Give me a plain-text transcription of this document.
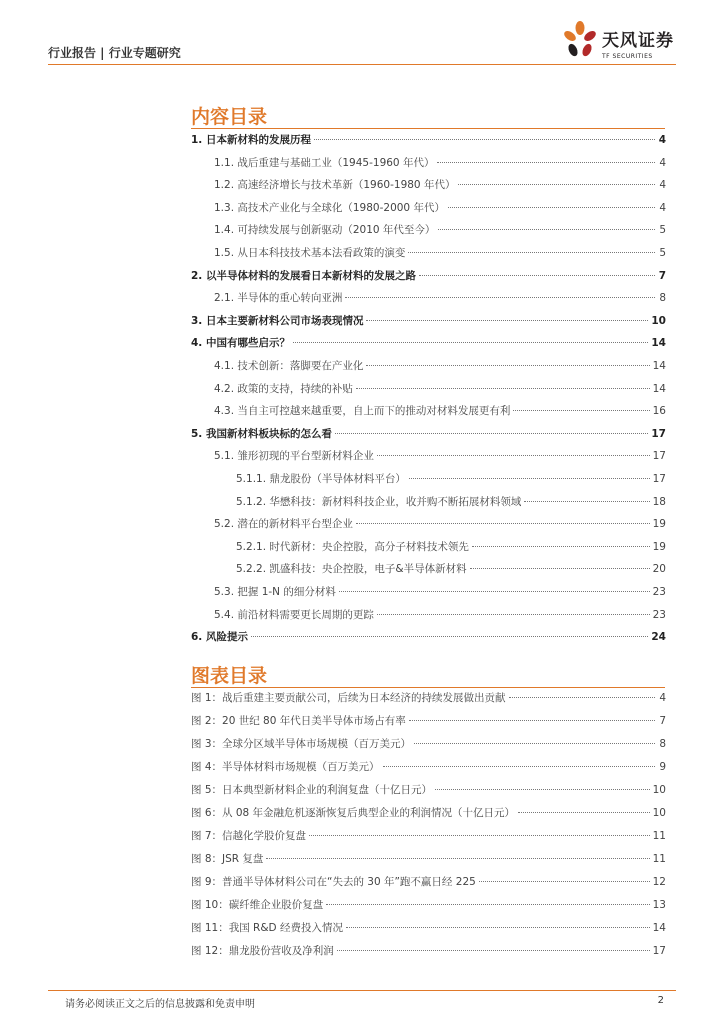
行业报告 | 行业专题研究
天风证券
TF SECURITIES
内容目录
1. 日本新材料的发展历程	4
1.1. 战后重建与基础工业（1945-1960 年代）	4
1.2. 高速经济增长与技术革新（1960-1980 年代）	4
1.3. 高技术产业化与全球化（1980-2000 年代）	4
1.4. 可持续发展与创新驱动（2010 年代至今）	5
1.5. 从日本科技技术基本法看政策的演变	5
2. 以半导体材料的发展看日本新材料的发展之路	7
2.1. 半导体的重心转向亚洲	8
3. 日本主要新材料公司市场表现情况	10
4. 中国有哪些启示？	14
4.1. 技术创新：落脚要在产业化	14
4.2. 政策的支持，持续的补贴	14
4.3. 当自主可控越来越重要，自上而下的推动对材料发展更有利	16
5. 我国新材料板块标的怎么看	17
5.1. 雏形初现的平台型新材料企业	17
5.1.1. 鼎龙股份（半导体材料平台）	17
5.1.2. 华懋科技：新材料科技企业，收并购不断拓展材料领域	18
5.2. 潜在的新材料平台型企业	19
5.2.1. 时代新材：央企控股，高分子材料技术领先	19
5.2.2. 凯盛科技：央企控股，电子&半导体新材料	20
5.3. 把握 1-N 的细分材料	23
5.4. 前沿材料需要更长周期的更踪	23
6. 风险提示	24
图表目录
图 1：战后重建主要贡献公司，后续为日本经济的持续发展做出贡献	4
图 2：20 世纪 80 年代日美半导体市场占有率	7
图 3：全球分区域半导体市场规模（百万美元）	8
图 4：半导体材料市场规模（百万美元）	9
图 5：日本典型新材料企业的利润复盘（十亿日元）	10
图 6：从 08 年金融危机逐渐恢复后典型企业的利润情况（十亿日元）	10
图 7：信越化学股价复盘	11
图 8：JSR 复盘	11
图 9：普通半导体材料公司在“失去的 30 年”跑不赢日经 225	12
图 10：碳纤维企业股价复盘	13
图 11：我国 R&D 经费投入情况	14
图 12：鼎龙股份营收及净利润	17
请务必阅读正文之后的信息披露和免责申明	2
